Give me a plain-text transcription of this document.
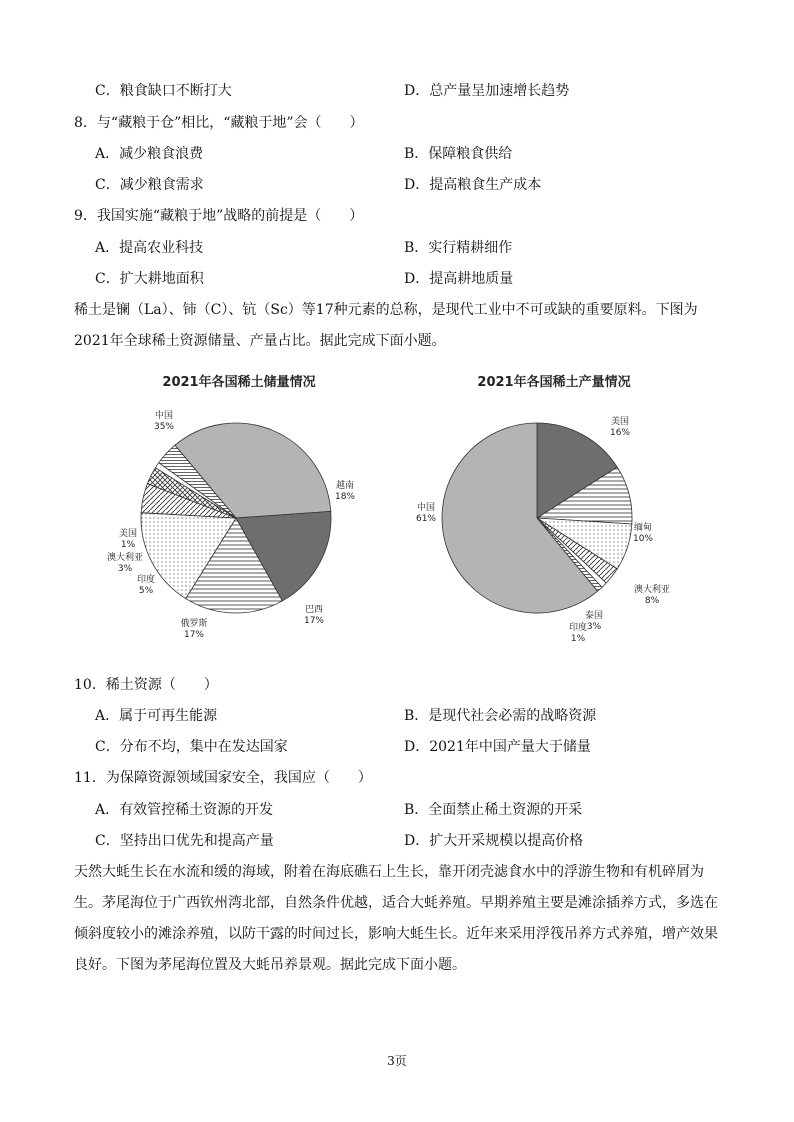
C．粮食缺口不断打大	D．总产量呈加速增长趋势
8．与“藏粮于仓”相比，“藏粮于地”会（　　）
A．减少粮食浪费	B．保障粮食供给
C．减少粮食需求	D．提高粮食生产成本
9．我国实施“藏粮于地”战略的前提是（　　）
A．提高农业科技	B．实行精耕细作
C．扩大耕地面积	D．提高耕地质量
稀土是镧（La）、铈（C）、钪（Sc）等17种元素的总称，是现代工业中不可或缺的重要原料。下图为2021年全球稀土资源储量、产量占比。据此完成下面小题。
2021年各国稀土储量情况
中国 35%
越南 18%
巴西 17%
俄罗斯 17%
印度 5%
澳大利亚 3%
美国 1%
2021年各国稀土产量情况
美国 16%
缅甸 10%
澳大利亚 8%
泰国 3%
印度 1%
中国 61%
10．稀土资源（　　）
A．属于可再生能源	B．是现代社会必需的战略资源
C．分布不均，集中在发达国家	D．2021年中国产量大于储量
11．为保障资源领域国家安全，我国应（　　）
A．有效管控稀土资源的开发	B．全面禁止稀土资源的开采
C．坚持出口优先和提高产量	D．扩大开采规模以提高价格
天然大蚝生长在水流和缓的海域，附着在海底礁石上生长，靠开闭壳滤食水中的浮游生物和有机碎屑为生。茅尾海位于广西钦州湾北部，自然条件优越，适合大蚝养殖。早期养殖主要是滩涂插养方式，多选在倾斜度较小的滩涂养殖，以防干露的时间过长，影响大蚝生长。近年来采用浮筏吊养方式养殖，增产效果良好。下图为茅尾海位置及大蚝吊养景观。据此完成下面小题。
3页
